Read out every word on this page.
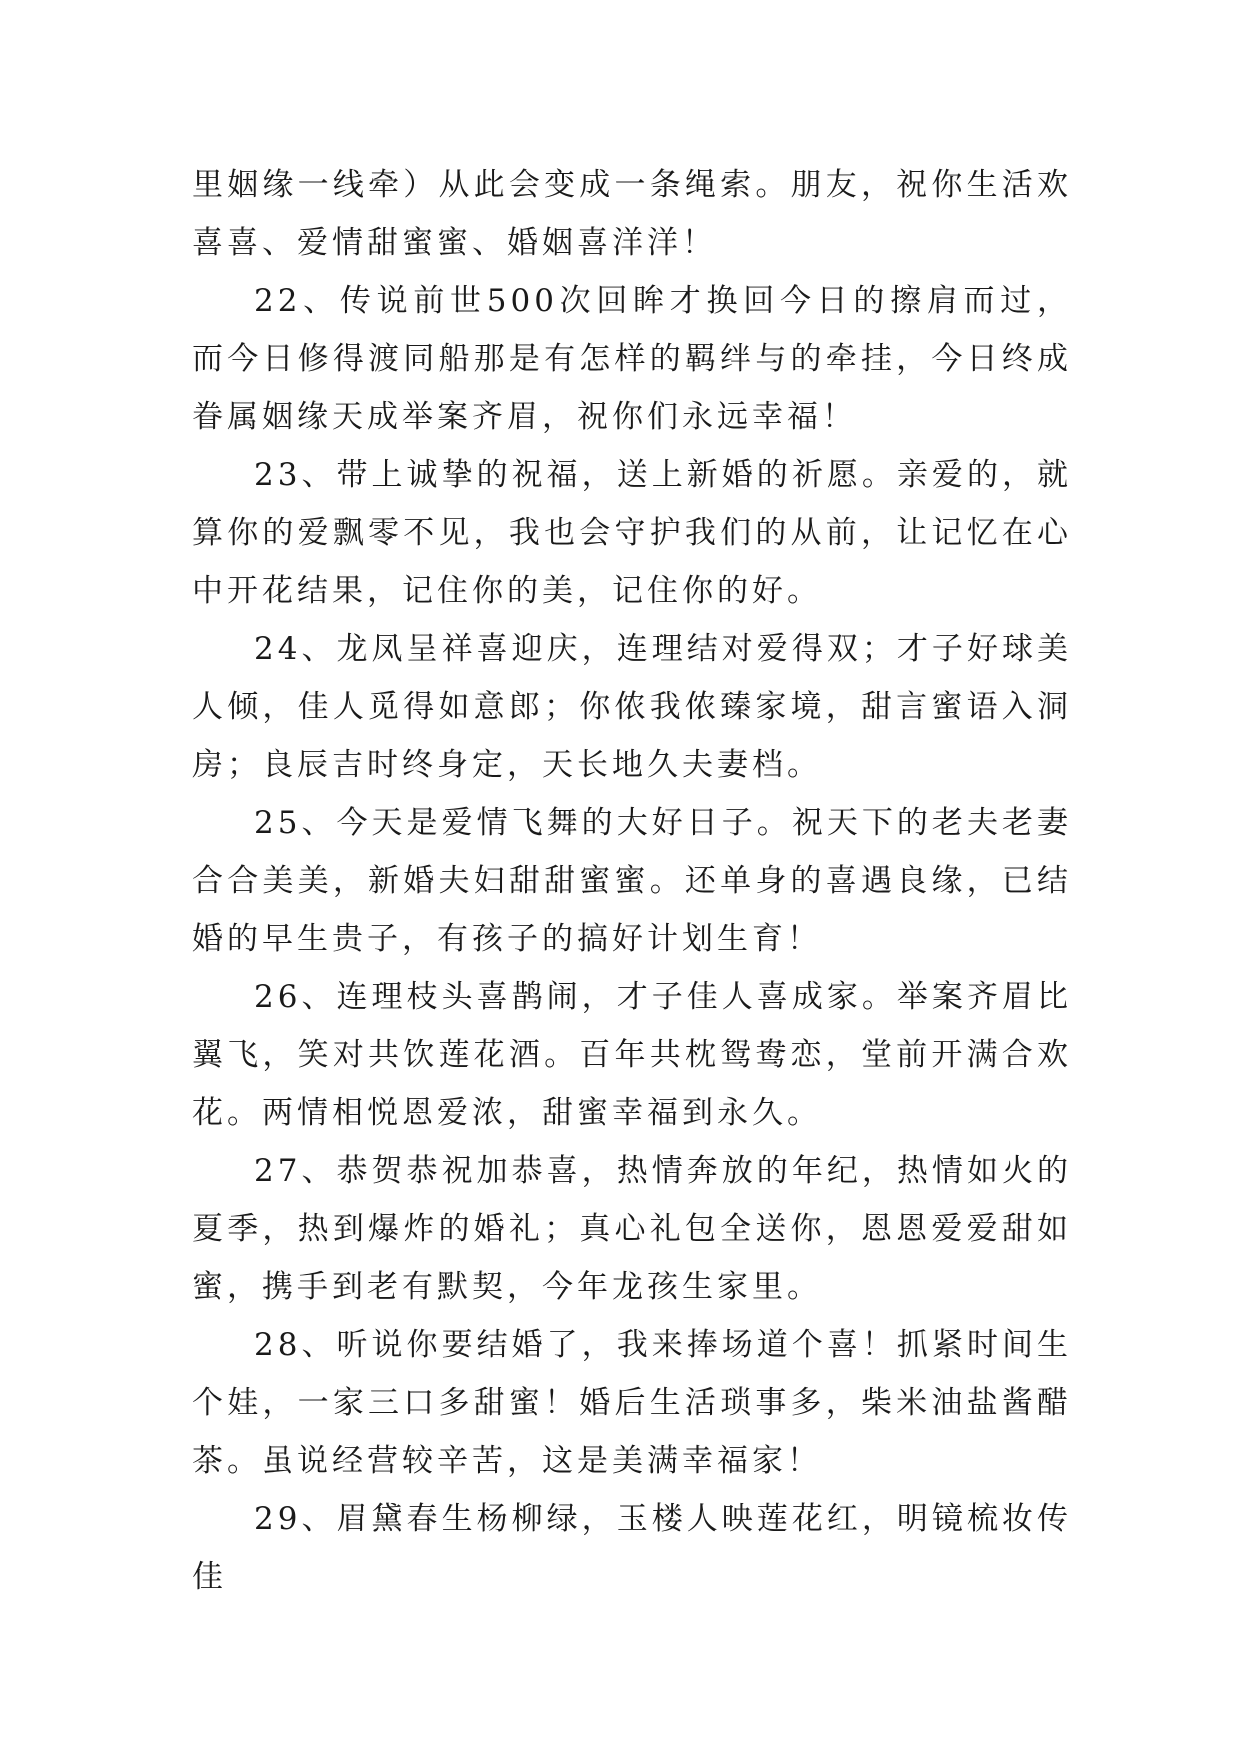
里姻缘一线牵）从此会变成一条绳索。朋友，祝你生活欢喜喜、爱情甜蜜蜜、婚姻喜洋洋！

22、传说前世500次回眸才换回今日的擦肩而过，而今日修得渡同船那是有怎样的羁绊与的牵挂，今日终成眷属姻缘天成举案齐眉，祝你们永远幸福！

23、带上诚挚的祝福，送上新婚的祈愿。亲爱的，就算你的爱飘零不见，我也会守护我们的从前，让记忆在心中开花结果，记住你的美，记住你的好。

24、龙凤呈祥喜迎庆，连理结对爱得双；才子好球美人倾，佳人觅得如意郎；你侬我侬臻家境，甜言蜜语入洞房；良辰吉时终身定，天长地久夫妻档。

25、今天是爱情飞舞的大好日子。祝天下的老夫老妻合合美美，新婚夫妇甜甜蜜蜜。还单身的喜遇良缘，已结婚的早生贵子，有孩子的搞好计划生育！

26、连理枝头喜鹊闹，才子佳人喜成家。举案齐眉比翼飞，笑对共饮莲花酒。百年共枕鸳鸯恋，堂前开满合欢花。两情相悦恩爱浓，甜蜜幸福到永久。

27、恭贺恭祝加恭喜，热情奔放的年纪，热情如火的夏季，热到爆炸的婚礼；真心礼包全送你，恩恩爱爱甜如蜜，携手到老有默契，今年龙孩生家里。

28、听说你要结婚了，我来捧场道个喜！抓紧时间生个娃，一家三口多甜蜜！婚后生活琐事多，柴米油盐酱醋茶。虽说经营较辛苦，这是美满幸福家！

29、眉黛春生杨柳绿，玉楼人映莲花红，明镜梳妆传佳
